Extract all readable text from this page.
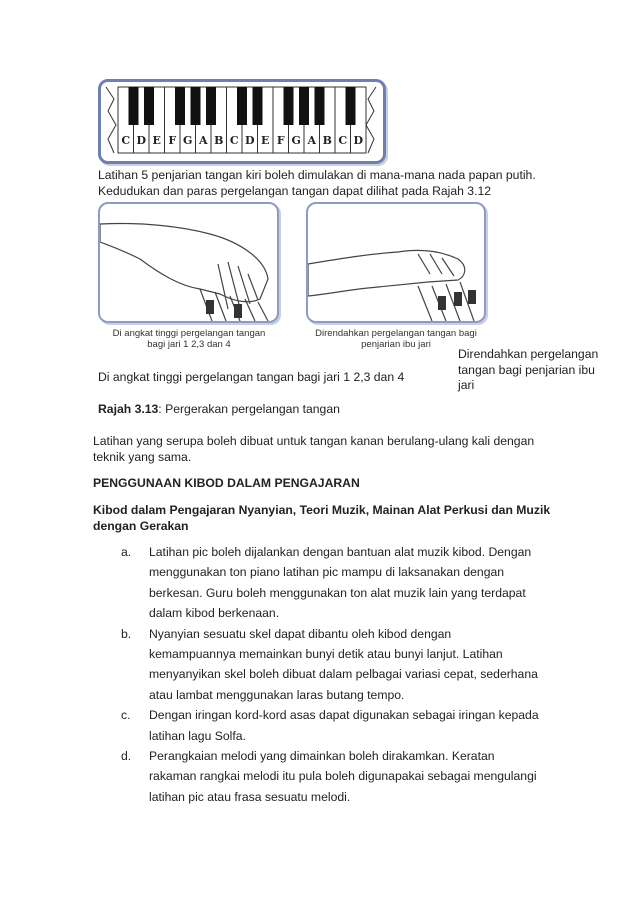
C D E F G A B C D E F G A B C D

Latihan 5 penjarian tangan kiri boleh dimulakan di mana-mana nada papan putih. Kedudukan dan paras pergelangan tangan dapat dilihat pada Rajah 3.12

Di angkat tinggi pergelangan tangan bagi jari 1 2,3 dan 4
Direndahkan pergelangan tangan bagi penjarian ibu jari

Di angkat tinggi pergelangan tangan bagi jari 1 2,3 dan 4

Direndahkan pergelangan tangan bagi penjarian ibu jari

Rajah 3.13: Pergerakan pergelangan tangan

Latihan yang serupa boleh dibuat untuk tangan kanan berulang-ulang kali dengan teknik yang sama.

PENGGUNAAN KIBOD DALAM PENGAJARAN

Kibod dalam Pengajaran Nyanyian, Teori Muzik, Mainan Alat Perkusi dan Muzik dengan Gerakan

a. Latihan pic boleh dijalankan dengan bantuan alat muzik kibod. Dengan menggunakan ton piano latihan pic mampu di laksanakan dengan berkesan. Guru boleh menggunakan ton alat muzik lain yang terdapat dalam kibod berkenaan.
b. Nyanyian sesuatu skel dapat dibantu oleh kibod dengan kemampuannya memainkan bunyi detik atau bunyi lanjut. Latihan menyanyikan skel boleh dibuat dalam pelbagai variasi cepat, sederhana atau lambat menggunakan laras butang tempo.
c. Dengan iringan kord-kord asas dapat digunakan sebagai iringan kepada latihan lagu Solfa.
d. Perangkaian melodi yang dimainkan boleh dirakamkan. Keratan rakaman rangkai melodi itu pula boleh digunapakai sebagai mengulangi latihan pic atau frasa sesuatu melodi.
